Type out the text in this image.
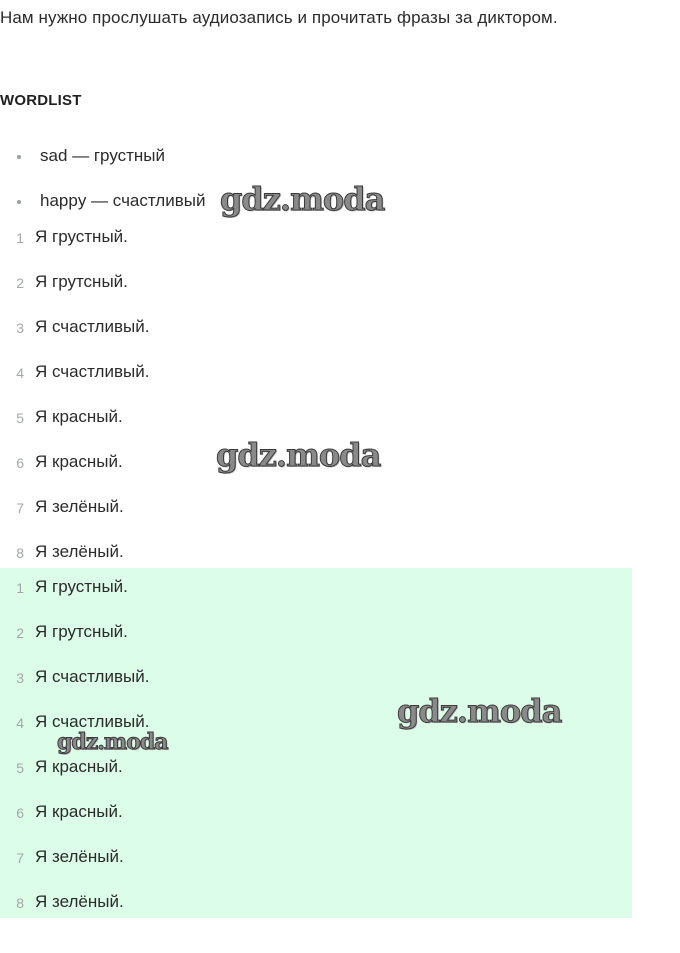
Нам нужно прослушать аудиозапись и прочитать фразы за диктором.
WORDLIST
sad — грустный
happy — счастливый
1 Я грустный.
2 Я грутсный.
3 Я счастливый.
4 Я счастливый.
5 Я красный.
6 Я красный.
7 Я зелёный.
8 Я зелёный.
1 Я грустный.
2 Я грутсный.
3 Я счастливый.
4 Я счастливый.
5 Я красный.
6 Я красный.
7 Я зелёный.
8 Я зелёный.
gdz.moda
gdz.moda
gdz.moda
gdz.moda
